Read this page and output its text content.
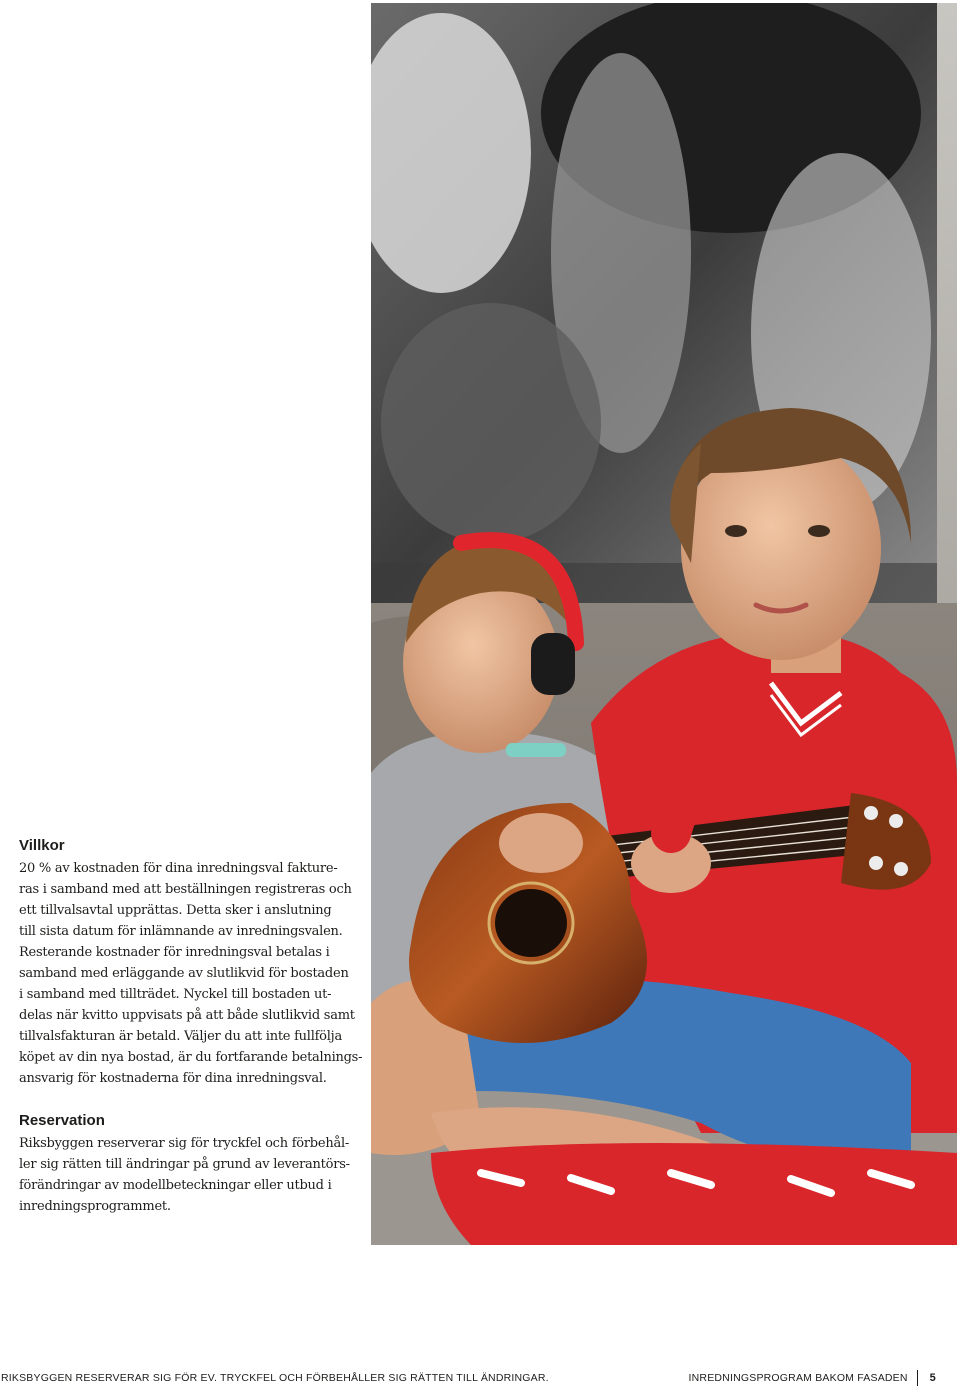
Villkor

20 % av kostnaden för dina inredningsval fakture-
ras i samband med att beställningen registreras och
ett tillvalsavtal upprättas. Detta sker i anslutning
till sista datum för inlämnande av inredningsvalen.
Resterande kostnader för inredningsval betalas i
samband med erläggande av slutlikvid för bostaden
i samband med tillträdet. Nyckel till bostaden ut-
delas när kvitto uppvisats på att både slutlikvid samt
tillvalsfakturan är betald. Väljer du att inte fullfölja
köpet av din nya bostad, är du fortfarande betalnings-
ansvarig för kostnaderna för dina inredningsval.

Reservation

Riksbyggen reserverar sig för tryckfel och förbehål-
ler sig rätten till ändringar på grund av leverantörs-
förändringar av modellbeteckningar eller utbud i
inredningsprogrammet.

RIKSBYGGEN RESERVERAR SIG FÖR EV. TRYCKFEL OCH FÖRBEHÅLLER SIG RÄTTEN TILL ÄNDRINGAR.	INREDNINGSPROGRAM BAKOM FASADEN 5
